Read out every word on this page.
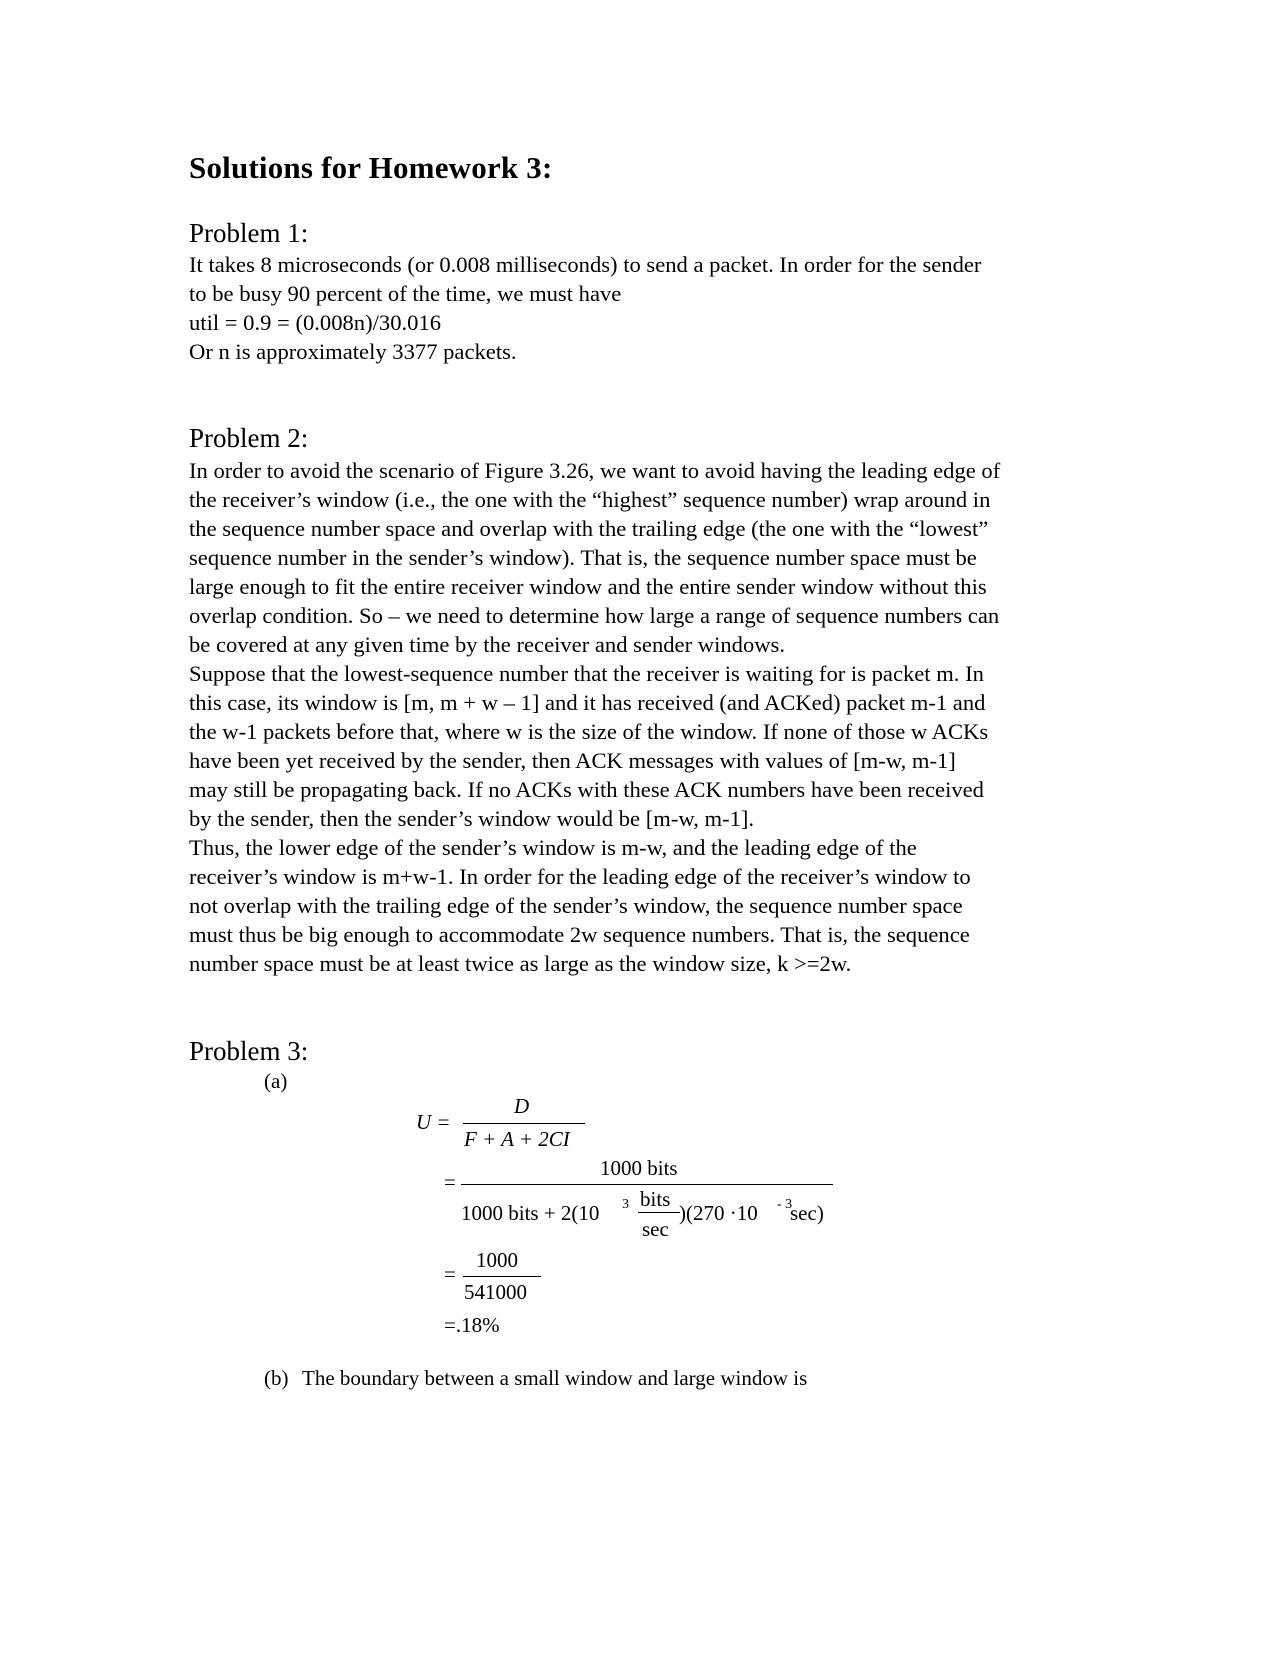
Solutions for Homework 3:
Problem 1:
It takes 8 microseconds (or 0.008 milliseconds) to send a packet. In order for the sender
to be busy 90 percent of the time, we must have
util = 0.9 = (0.008n)/30.016
Or n is approximately 3377 packets.
Problem 2:
In order to avoid the scenario of Figure 3.26, we want to avoid having the leading edge of
the receiver’s window (i.e., the one with the “highest” sequence number) wrap around in
the sequence number space and overlap with the trailing edge (the one with the “lowest”
sequence number in the sender’s window). That is, the sequence number space must be
large enough to fit the entire receiver window and the entire sender window without this
overlap condition. So – we need to determine how large a range of sequence numbers can
be covered at any given time by the receiver and sender windows.
Suppose that the lowest-sequence number that the receiver is waiting for is packet m. In
this case, its window is [m, m + w – 1] and it has received (and ACKed) packet m-1 and
the w-1 packets before that, where w is the size of the window. If none of those w ACKs
have been yet received by the sender, then ACK messages with values of [m-w, m-1]
may still be propagating back. If no ACKs with these ACK numbers have been received
by the sender, then the sender’s window would be [m-w, m-1].
Thus, the lower edge of the sender’s window is m-w, and the leading edge of the
receiver’s window is m+w-1. In order for the leading edge of the receiver’s window to
not overlap with the trailing edge of the sender’s window, the sequence number space
must thus be big enough to accommodate 2w sequence numbers. That is, the sequence
number space must be at least twice as large as the window size, k >=2w.
Problem 3:
(a)
U =
D
F + A + 2CI
=
1000 bits
1000 bits + 2(10 3 bits
sec
)(270 ·10 - 3
sec)
=
1000
541000
=.18%
(b) The boundary between a small window and large window is
